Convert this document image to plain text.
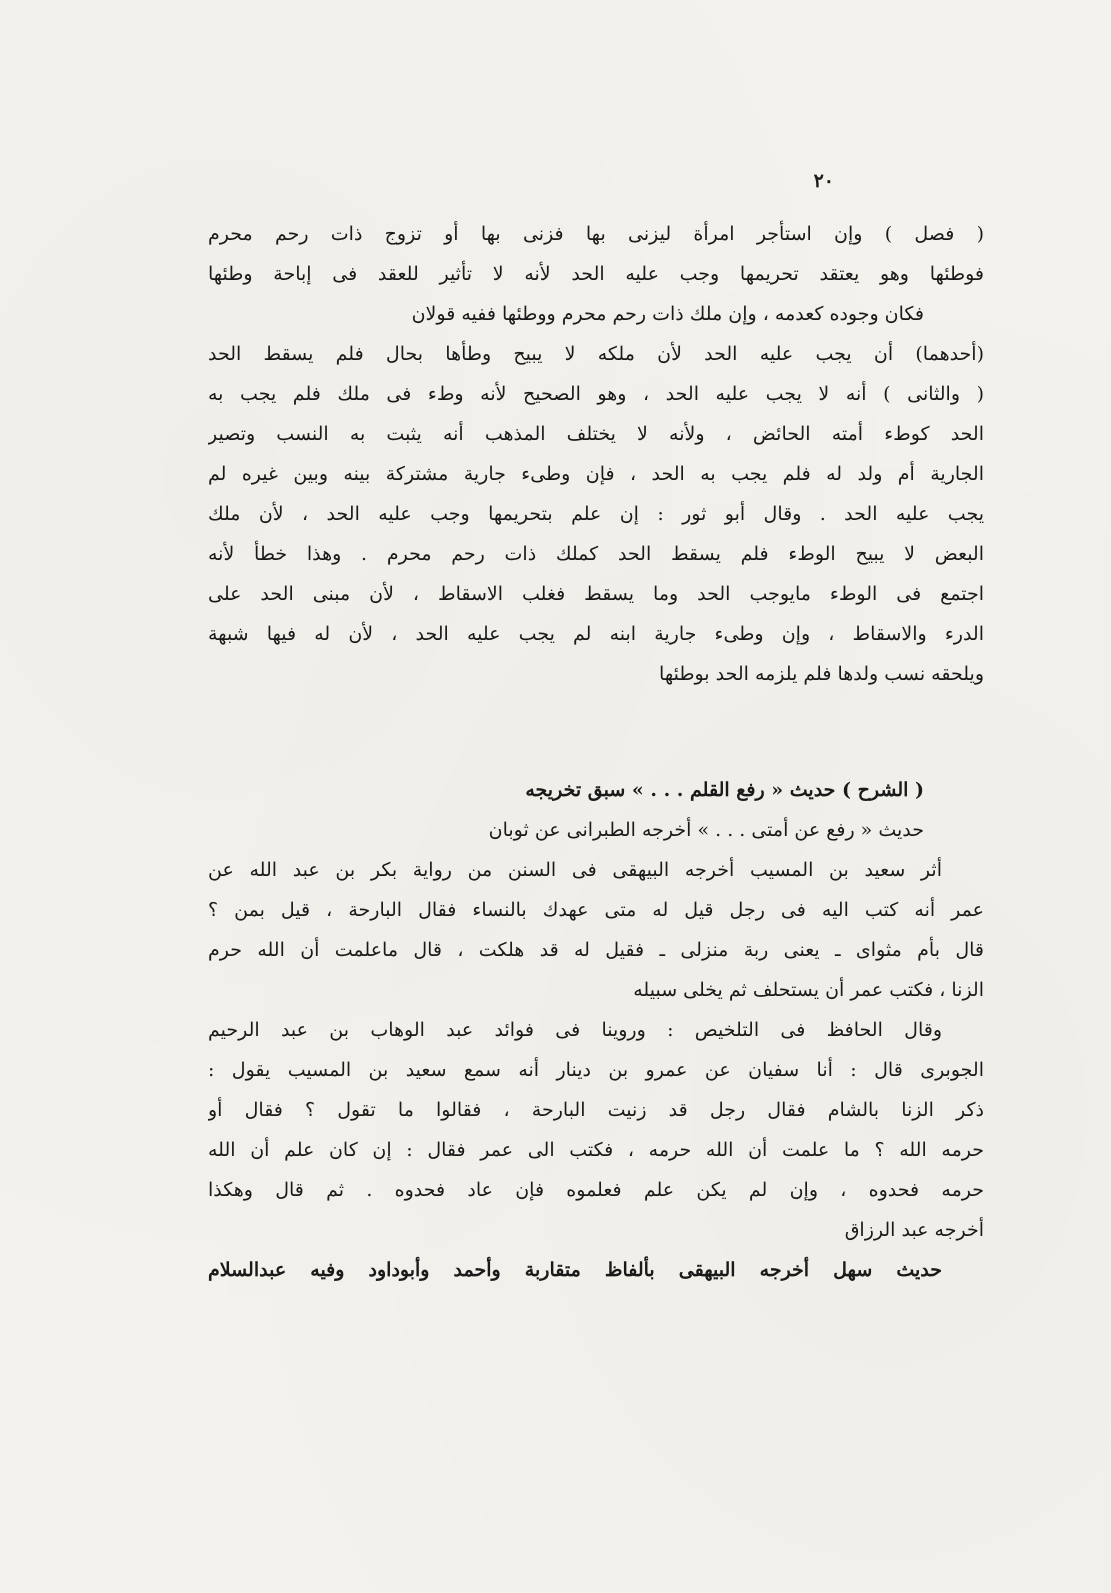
٢٠
( فصل ) وإن استأجر امرأة ليزنى بها فزنى بها أو تزوج ذات رحم محرم
فوطئها وهو يعتقد تحريمها وجب عليه الحد لأنه لا تأثير للعقد فى إباحة وطئها
فكان وجوده كعدمه ، وإن ملك ذات رحم محرم ووطئها ففيه قولان
(أحدهما) أن يجب عليه الحد لأن ملكه لا يبيح وطأها بحال فلم يسقط الحد
( والثانى ) أنه لا يجب عليه الحد ، وهو الصحيح لأنه وطء فى ملك فلم يجب به
الحد كوطء أمته الحائض ، ولأنه لا يختلف المذهب أنه يثبت به النسب وتصير
الجارية أم ولد له فلم يجب به الحد ، فإن وطىء جارية مشتركة بينه وبين غيره لم
يجب عليه الحد . وقال أبو ثور : إن علم بتحريمها وجب عليه الحد ، لأن ملك
البعض لا يبيح الوطء فلم يسقط الحد كملك ذات رحم محرم . وهذا خطأ لأنه
اجتمع فى الوطء مايوجب الحد وما يسقط فغلب الاسقاط ، لأن مبنى الحد على
الدرء والاسقاط ، وإن وطىء جارية ابنه لم يجب عليه الحد ، لأن له فيها شبهة
ويلحقه نسب ولدها فلم يلزمه الحد بوطئها
( الشرح ) حديث « رفع القلم . . . » سبق تخريجه
حديث « رفع عن أمتى . . . » أخرجه الطبرانى عن ثوبان
أثر سعيد بن المسيب أخرجه البيهقى فى السنن من رواية بكر بن عبد الله عن
عمر أنه كتب اليه فى رجل قيل له متى عهدك بالنساء فقال البارحة ، قيل بمن ؟
قال بأم مثواى ـ يعنى ربة منزلى ـ فقيل له قد هلكت ، قال ماعلمت أن الله حرم
الزنا ، فكتب عمر أن يستحلف ثم يخلى سبيله
وقال الحافظ فى التلخيص : وروينا فى فوائد عبد الوهاب بن عبد الرحيم
الجوبرى قال : أنا سفيان عن عمرو بن دينار أنه سمع سعيد بن المسيب يقول :
ذكر الزنا بالشام فقال رجل قد زنيت البارحة ، فقالوا ما تقول ؟ فقال أو
حرمه الله ؟ ما علمت أن الله حرمه ، فكتب الى عمر فقال : إن كان علم أن الله
حرمه فحدوه ، وإن لم يكن علم فعلموه فإن عاد فحدوه . ثم قال وهكذا
أخرجه عبد الرزاق
حديث سهل أخرجه البيهقى بألفاظ متقاربة وأحمد وأبوداود وفيه عبدالسلام
